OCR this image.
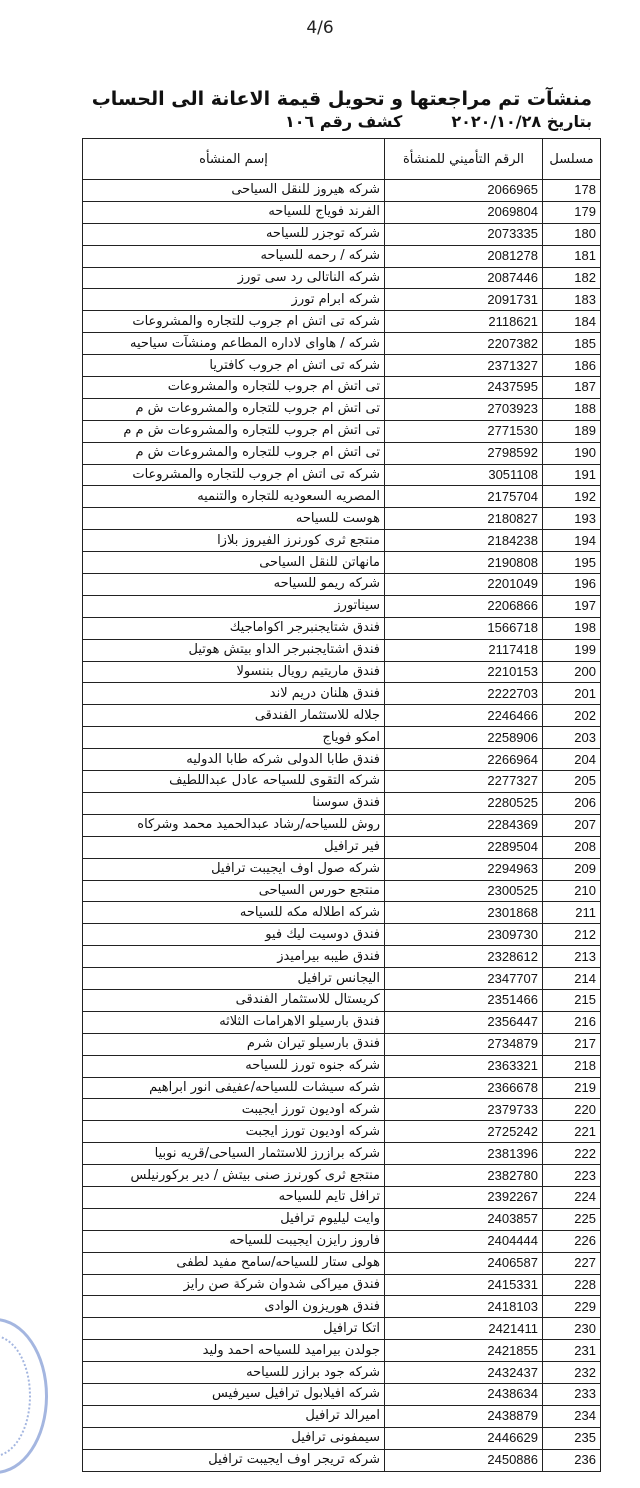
4/6
منشآت تم مراجعتها و تحويل قيمة الاعانة الى الحساب
بتاريخ ٢٠٢٠/١٠/٢٨
كشف رقم ١٠٦
إسم المنشأه	الرقم التأميني للمنشأة	مسلسل
شركه هيروز للنقل السياحى	2066965	178
الفرند فوياج للسياحه	2069804	179
شركه توجزر للسياحه	2073335	180
شركه / رحمه للسياحه	2081278	181
شركه الناتالى رد سى تورز	2087446	182
شركه ابرام تورز	2091731	183
شركه تى اتش ام جروب للتجاره والمشروعات	2118621	184
شركه / هاواى لاداره المطاعم ومنشآت سياحيه	2207382	185
شركه تى اتش ام جروب كافتريا	2371327	186
تى اتش ام جروب للتجاره والمشروعات	2437595	187
تى اتش ام جروب للتجاره والمشروعات ش م	2703923	188
تى اتش ام جروب للتجاره والمشروعات ش م م	2771530	189
تى اتش ام جروب للتجاره والمشروعات ش م	2798592	190
شركه تى اتش ام جروب للتجاره والمشروعات	3051108	191
المصريه السعوديه للتجاره والتنميه	2175704	192
هوست للسياحه	2180827	193
منتجع ثرى كورنرز الفيروز بلازا	2184238	194
مانهاتن للنقل السياحى	2190808	195
شركه ريمو للسياحه	2201049	196
سيناتورز	2206866	197
فندق شتايجنبرجر اكواماجيك	1566718	198
فندق اشتايجنبرجر الداو بيتش هوتيل	2117418	199
فندق ماريتيم رويال بننسولا	2210153	200
فندق هلنان دريم لاند	2222703	201
جلاله للاستثمار الفندقى	2246466	202
امكو فوياج	2258906	203
فندق طابا الدولى شركه طابا الدوليه	2266964	204
شركه التقوى للسياحه عادل عبداللطيف	2277327	205
فندق سوسنا	2280525	206
روش للسياحه/رشاد عبدالحميد محمد وشركاه	2284369	207
فير ترافيل	2289504	208
شركه صول اوف ايجيبت ترافيل	2294963	209
منتجع حورس السياحى	2300525	210
شركه اطلاله مكه للسياحه	2301868	211
فندق دوسيت ليك فيو	2309730	212
فندق طيبه بيراميدز	2328612	213
اليجانس ترافيل	2347707	214
كريستال للاستثمار الفندقى	2351466	215
فندق بارسيلو الاهرامات الثلاثه	2356447	216
فندق بارسيلو تيران شرم	2734879	217
شركه جنوه تورز للسياحه	2363321	218
شركه سيشات للسياحه/عفيفى انور ابراهيم	2366678	219
شركه اوديون تورز ايجيبت	2379733	220
شركه اوديون تورز ايجبت	2725242	221
شركه برازرز للاستثمار السياحى/قريه نوبيا	2381396	222
منتجع ثرى كورنرز صنى بيتش / دير بركورنيلس	2382780	223
ترافل تايم للسياحه	2392267	224
وايت ليليوم ترافيل	2403857	225
فاروز رايزن ايجيبت للسياحه	2404444	226
هولى ستار للسياحه/سامح مفيد لطفى	2406587	227
فندق ميراكى شدوان شركة صن رايز	2415331	228
فندق هوريزون الوادى	2418103	229
اتكا ترافيل	2421411	230
جولدن بيراميد للسياحه احمد وليد	2421855	231
شركه جود برازر للسياحه	2432437	232
شركه افيلابول ترافيل سيرفيس	2438634	233
اميرالد ترافيل	2438879	234
سيمفونى ترافيل	2446629	235
شركه تريجر اوف ايجيبت ترافيل	2450886	236
